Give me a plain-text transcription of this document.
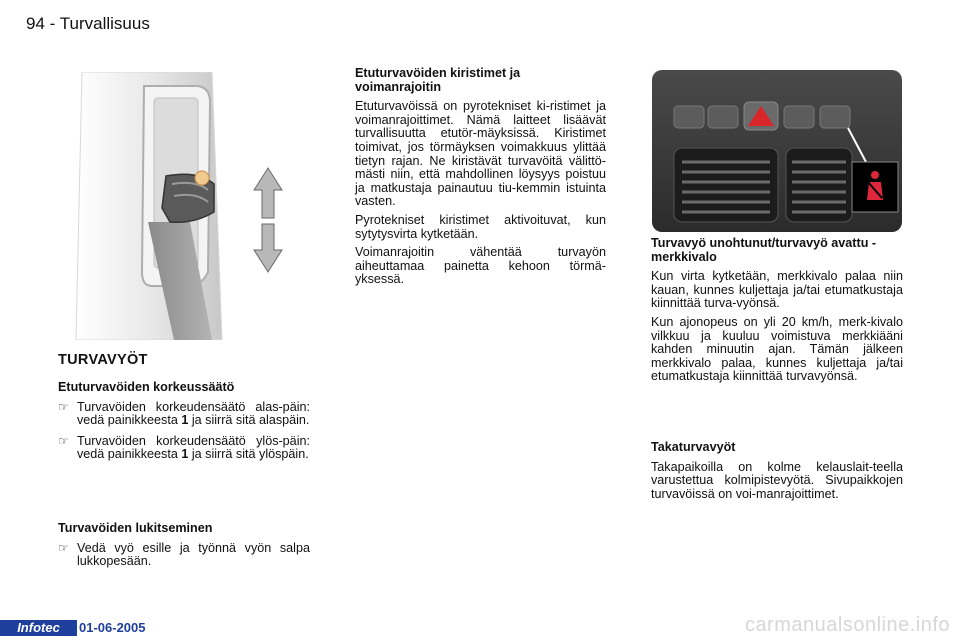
94 - Turvallisuus
TURVAVYÖT

Etuturvavöiden korkeussäätö

☞ Turvavöiden korkeudensäätö alas-päin: vedä painikkeesta 1 ja siirrä sitä alaspäin.
☞ Turvavöiden korkeudensäätö ylös-päin: vedä painikkeesta 1 ja siirrä sitä ylöspäin.

Turvavöiden lukitseminen

☞ Vedä vyö esille ja työnnä vyön salpa lukkopesään.

Etuturvavöiden kiristimet ja voimanrajoitin

Etuturvavöissä on pyrotekniset ki-ristimet ja voimanrajoittimet. Nämä laitteet lisäävät turvallisuutta etutör-mäyksissä. Kiristimet toimivat, jos törmäyksen voimakkuus ylittää tietyn rajan. Ne kiristävät turvavöitä välittö-mästi niin, että mahdollinen löysyys poistuu ja matkustaja painautuu tiu-kemmin istuinta vasten.

Pyrotekniset kiristimet aktivoituvat, kun sytytysvirta kytketään.

Voimanrajoitin vähentää turvayön aiheuttamaa painetta kehoon törmä-yksessä.

Turvavyö unohtunut/turvavyö avattu -merkkivalo

Kun virta kytketään, merkkivalo palaa niin kauan, kunnes kuljettaja ja/tai etumatkustaja kiinnittää turva-vyönsä.

Kun ajonopeus on yli 20 km/h, merk-kivalo vilkkuu ja kuuluu voimistuva merkkiääni kahden minuutin ajan. Tämän jälkeen merkkivalo palaa, kunnes kuljettaja ja/tai etumatkustaja kiinnittää turvavyönsä.

Takaturvavyöt

Takapaikoilla on kolme kelauslait-teella varustettua kolmipistevyötä. Sivupaikkojen turvavöissä on voi-manrajoittimet.

Infotec	01-06-2005	carmanualsonline.info
